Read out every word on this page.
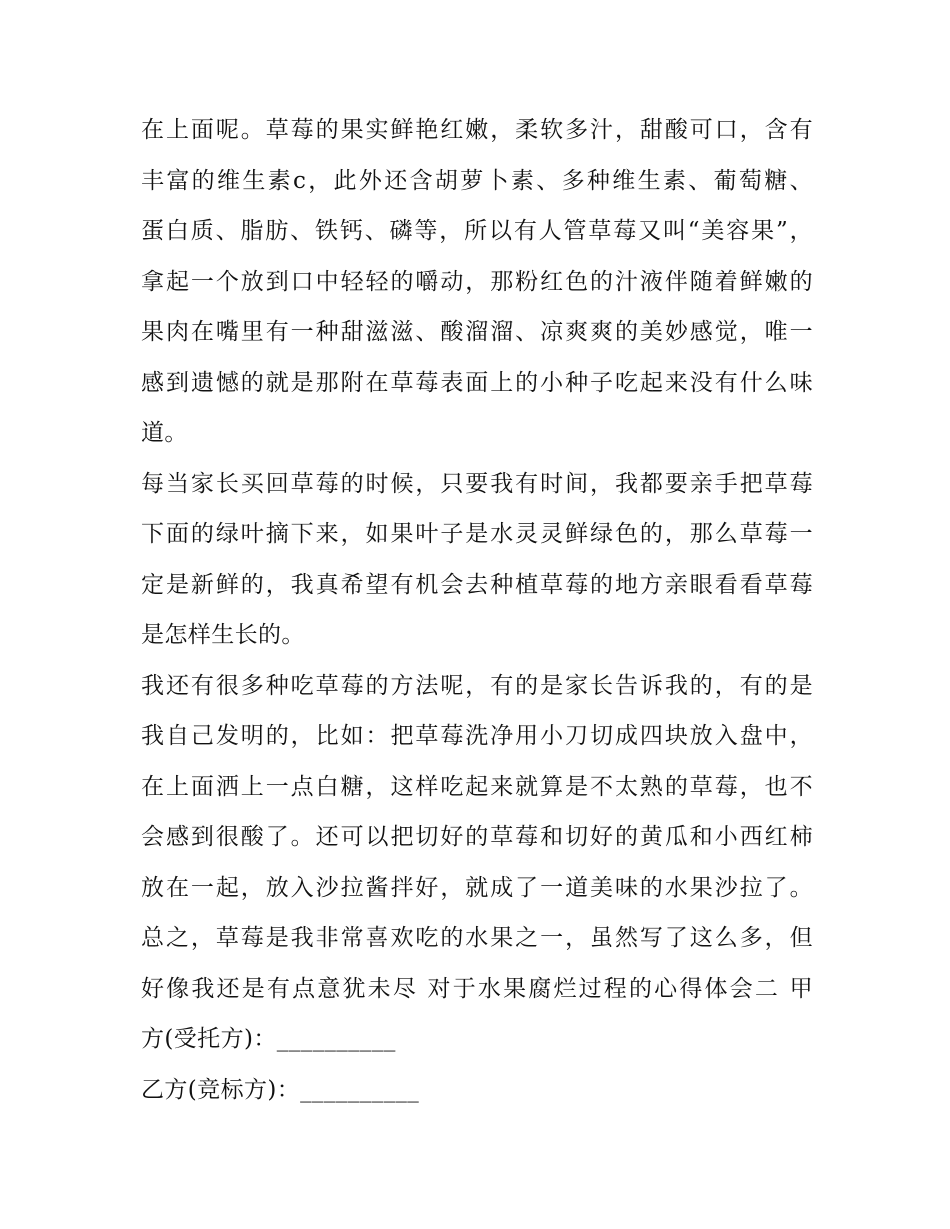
在上面呢。草莓的果实鲜艳红嫩，柔软多汁，甜酸可口，含有
丰富的维生素c，此外还含胡萝卜素、多种维生素、葡萄糖、
蛋白质、脂肪、铁钙、磷等，所以有人管草莓又叫“美容果”，
拿起一个放到口中轻轻的嚼动，那粉红色的汁液伴随着鲜嫩的
果肉在嘴里有一种甜滋滋、酸溜溜、凉爽爽的美妙感觉，唯一
感到遗憾的就是那附在草莓表面上的小种子吃起来没有什么味
道。
每当家长买回草莓的时候，只要我有时间，我都要亲手把草莓
下面的绿叶摘下来，如果叶子是水灵灵鲜绿色的，那么草莓一
定是新鲜的，我真希望有机会去种植草莓的地方亲眼看看草莓
是怎样生长的。
我还有很多种吃草莓的方法呢，有的是家长告诉我的，有的是
我自己发明的，比如：把草莓洗净用小刀切成四块放入盘中，
在上面洒上一点白糖，这样吃起来就算是不太熟的草莓，也不
会感到很酸了。还可以把切好的草莓和切好的黄瓜和小西红柿
放在一起，放入沙拉酱拌好，就成了一道美味的水果沙拉了。
总之，草莓是我非常喜欢吃的水果之一，虽然写了这么多，但
好像我还是有点意犹未尽 对于水果腐烂过程的心得体会二 甲
方(受托方)：__________
乙方(竞标方)：__________
